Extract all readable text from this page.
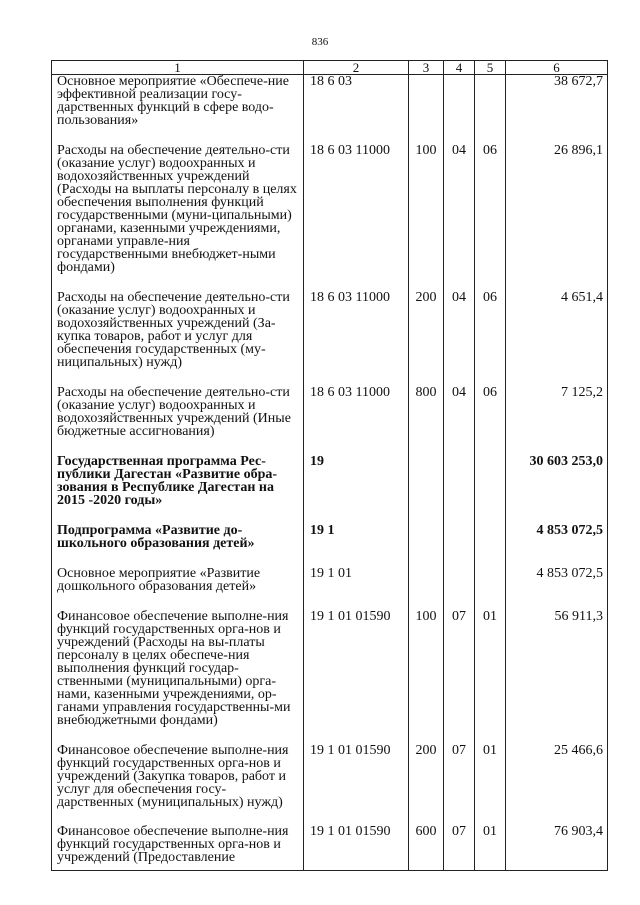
836
1	2	3	4	5	6
Основное мероприятие «Обеспече-ние эффективной реализации госу-дарственных функций в сфере водо-пользования»	18 6 03				38 672,7
Расходы на обеспечение деятельно-сти (оказание услуг) водоохранных и водохозяйственных учреждений (Расходы на выплаты персоналу в целях обеспечения выполнения функций государственными (муни-ципальными) органами, казенными учреждениями, органами управле-ния государственными внебюджет-ными фондами)	18 6 03 11000	100	04	06	26 896,1
Расходы на обеспечение деятельно-сти (оказание услуг) водоохранных и водохозяйственных учреждений (За-купка товаров, работ и услуг для обеспечения государственных (му-ниципальных) нужд)	18 6 03 11000	200	04	06	4 651,4
Расходы на обеспечение деятельно-сти (оказание услуг) водоохранных и водохозяйственных учреждений (Иные бюджетные ассигнования)	18 6 03 11000	800	04	06	7 125,2
Государственная программа Рес-публики Дагестан «Развитие обра-зования в Республике Дагестан на 2015 -2020 годы»	19				30 603 253,0
Подпрограмма «Развитие до-школьного образования детей»	19 1				4 853 072,5
Основное мероприятие «Развитие дошкольного образования детей»	19 1 01				4 853 072,5
Финансовое обеспечение выполне-ния функций государственных орга-нов и учреждений (Расходы на вы-платы персоналу в целях обеспече-ния выполнения функций государ-ственными (муниципальными) орга-нами, казенными учреждениями, ор-ганами управления государственны-ми внебюджетными фондами)	19 1 01 01590	100	07	01	56 911,3
Финансовое обеспечение выполне-ния функций государственных орга-нов и учреждений (Закупка товаров, работ и услуг для обеспечения госу-дарственных (муниципальных) нужд)	19 1 01 01590	200	07	01	25 466,6
Финансовое обеспечение выполне-ния функций государственных орга-нов и учреждений (Предоставление	19 1 01 01590	600	07	01	76 903,4
